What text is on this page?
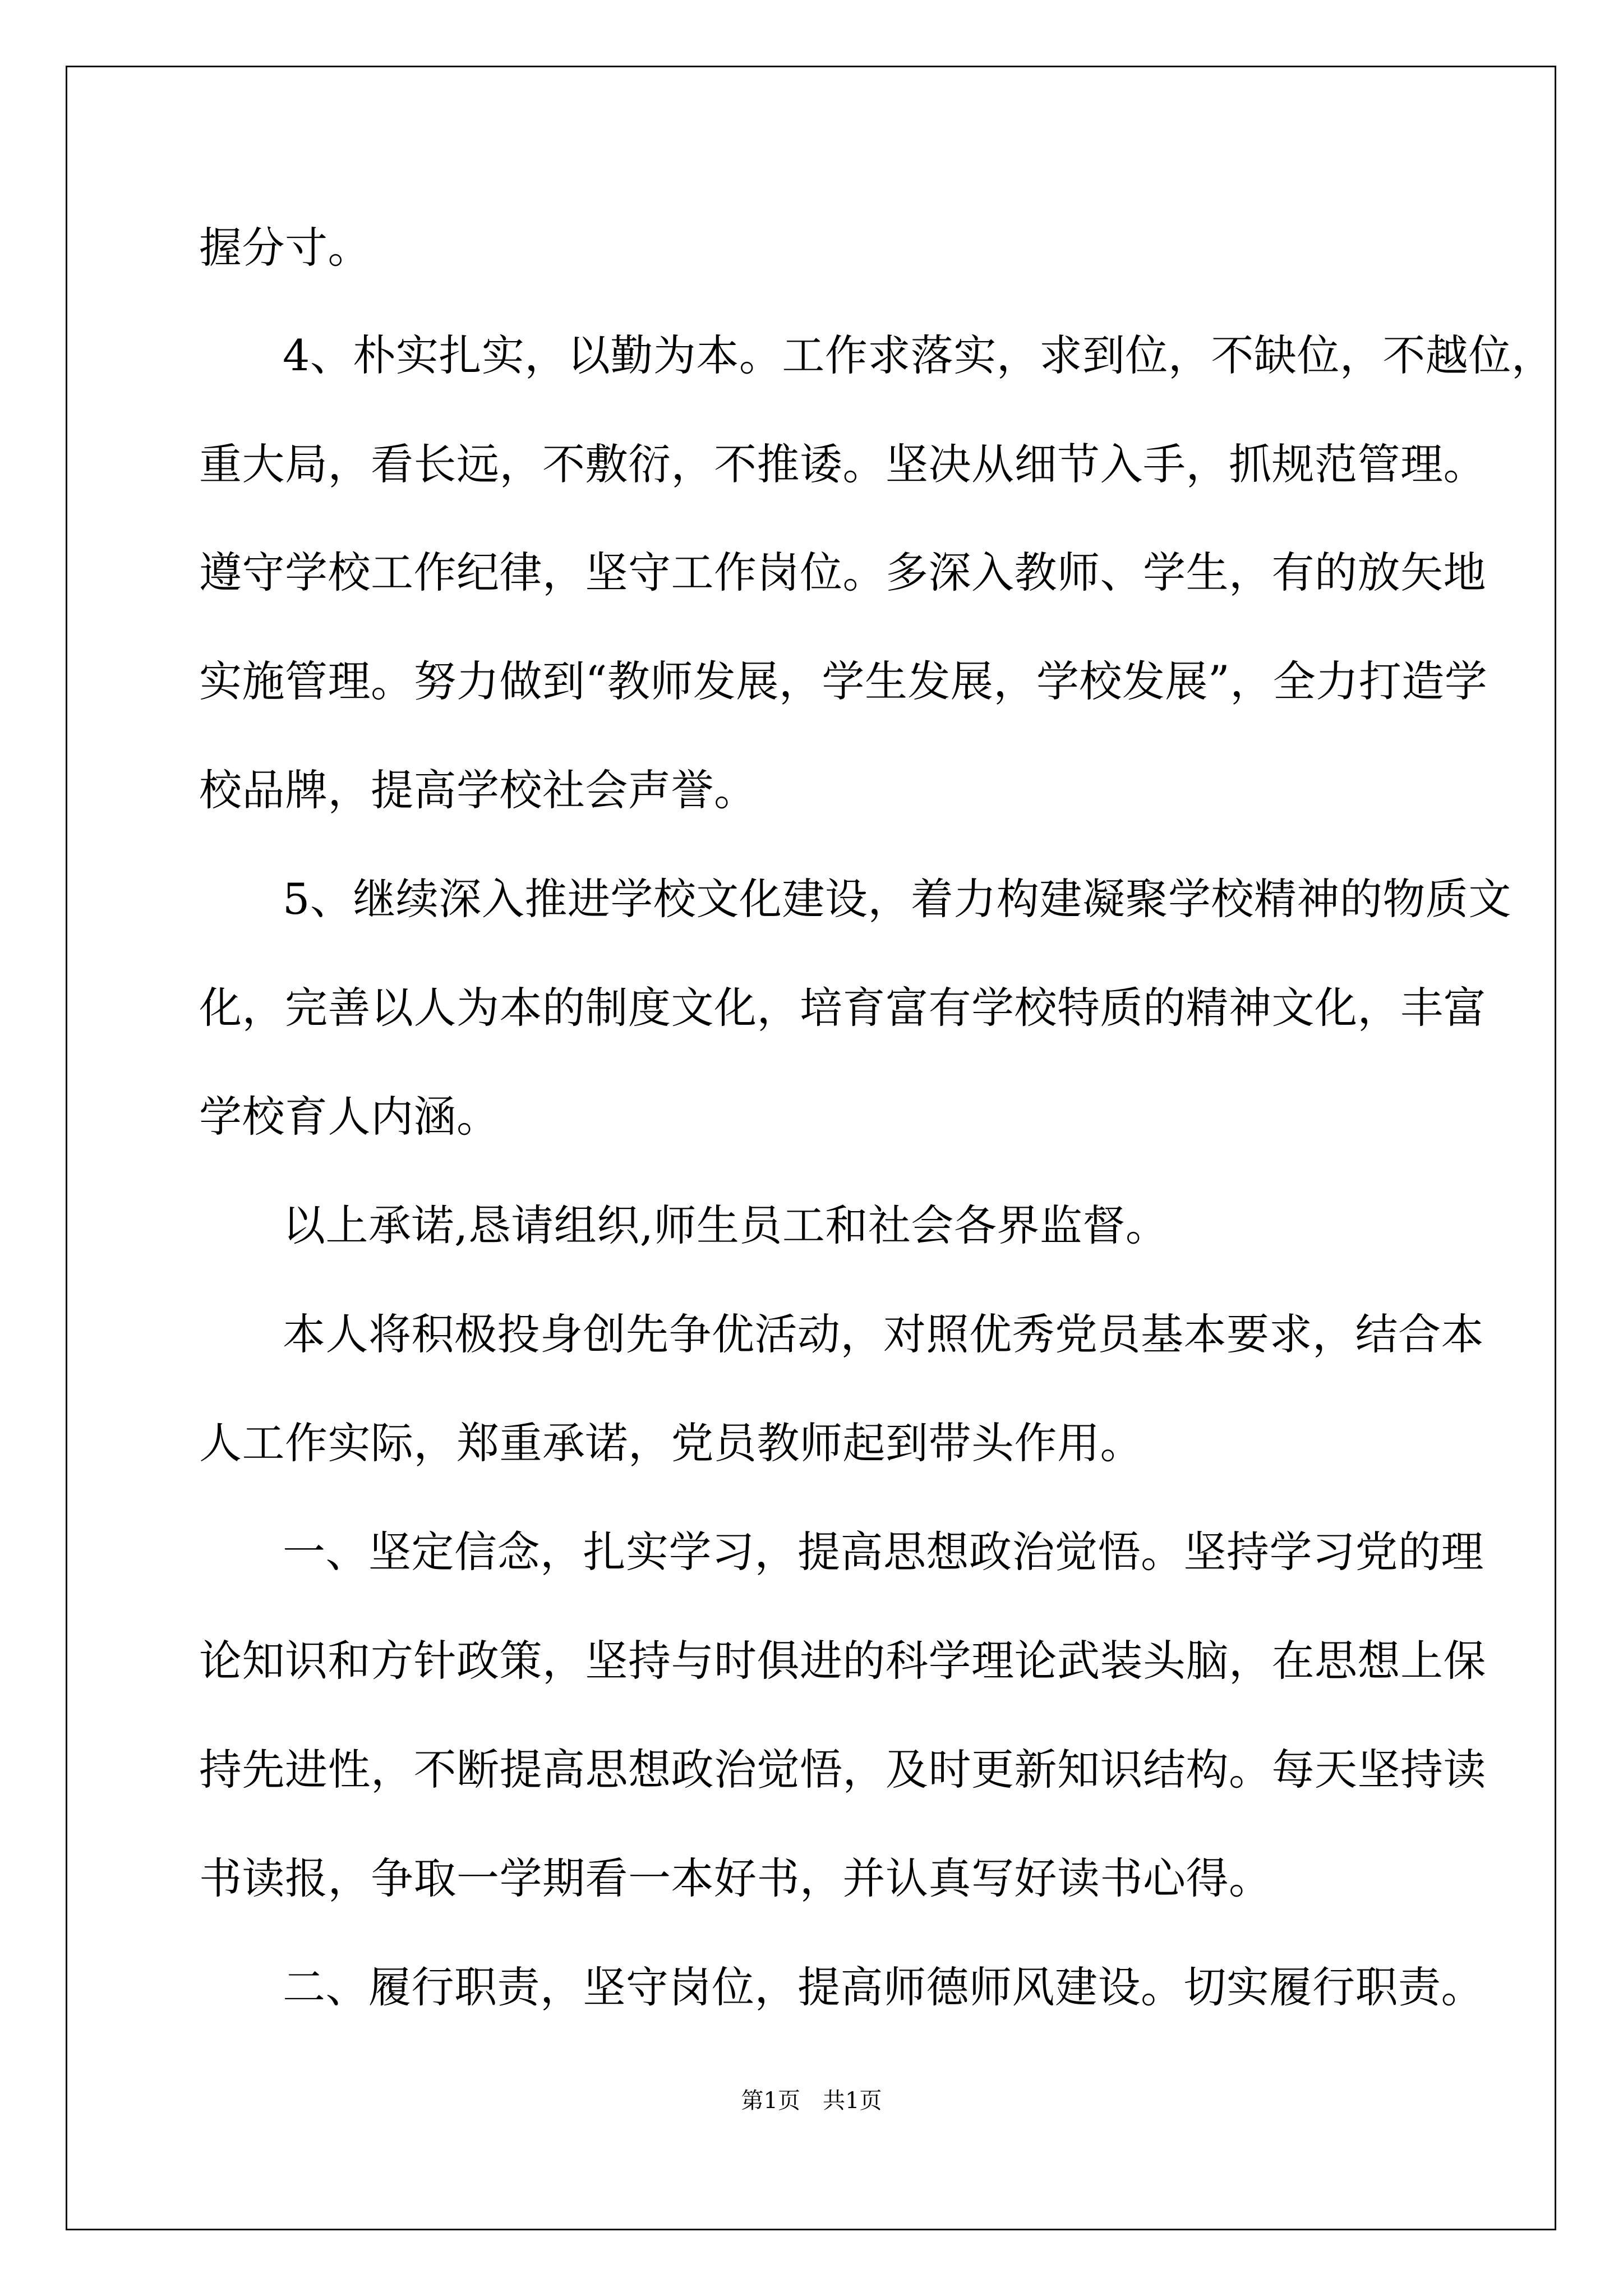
握分寸。
4、朴实扎实，以勤为本。工作求落实，求到位，不缺位，不越位，
重大局，看长远，不敷衍，不推诿。坚决从细节入手，抓规范管理。
遵守学校工作纪律，坚守工作岗位。多深入教师、学生，有的放矢地
实施管理。努力做到“教师发展，学生发展，学校发展”，全力打造学
校品牌，提高学校社会声誉。
5、继续深入推进学校文化建设，着力构建凝聚学校精神的物质文
化，完善以人为本的制度文化，培育富有学校特质的精神文化，丰富
学校育人内涵。
以上承诺,恳请组织,师生员工和社会各界监督。
本人将积极投身创先争优活动，对照优秀党员基本要求，结合本
人工作实际，郑重承诺，党员教师起到带头作用。
一、坚定信念，扎实学习，提高思想政治觉悟。坚持学习党的理
论知识和方针政策，坚持与时俱进的科学理论武装头脑，在思想上保
持先进性，不断提高思想政治觉悟，及时更新知识结构。每天坚持读
书读报，争取一学期看一本好书，并认真写好读书心得。
二、履行职责，坚守岗位，提高师德师风建设。切实履行职责。
第1页　共1页
